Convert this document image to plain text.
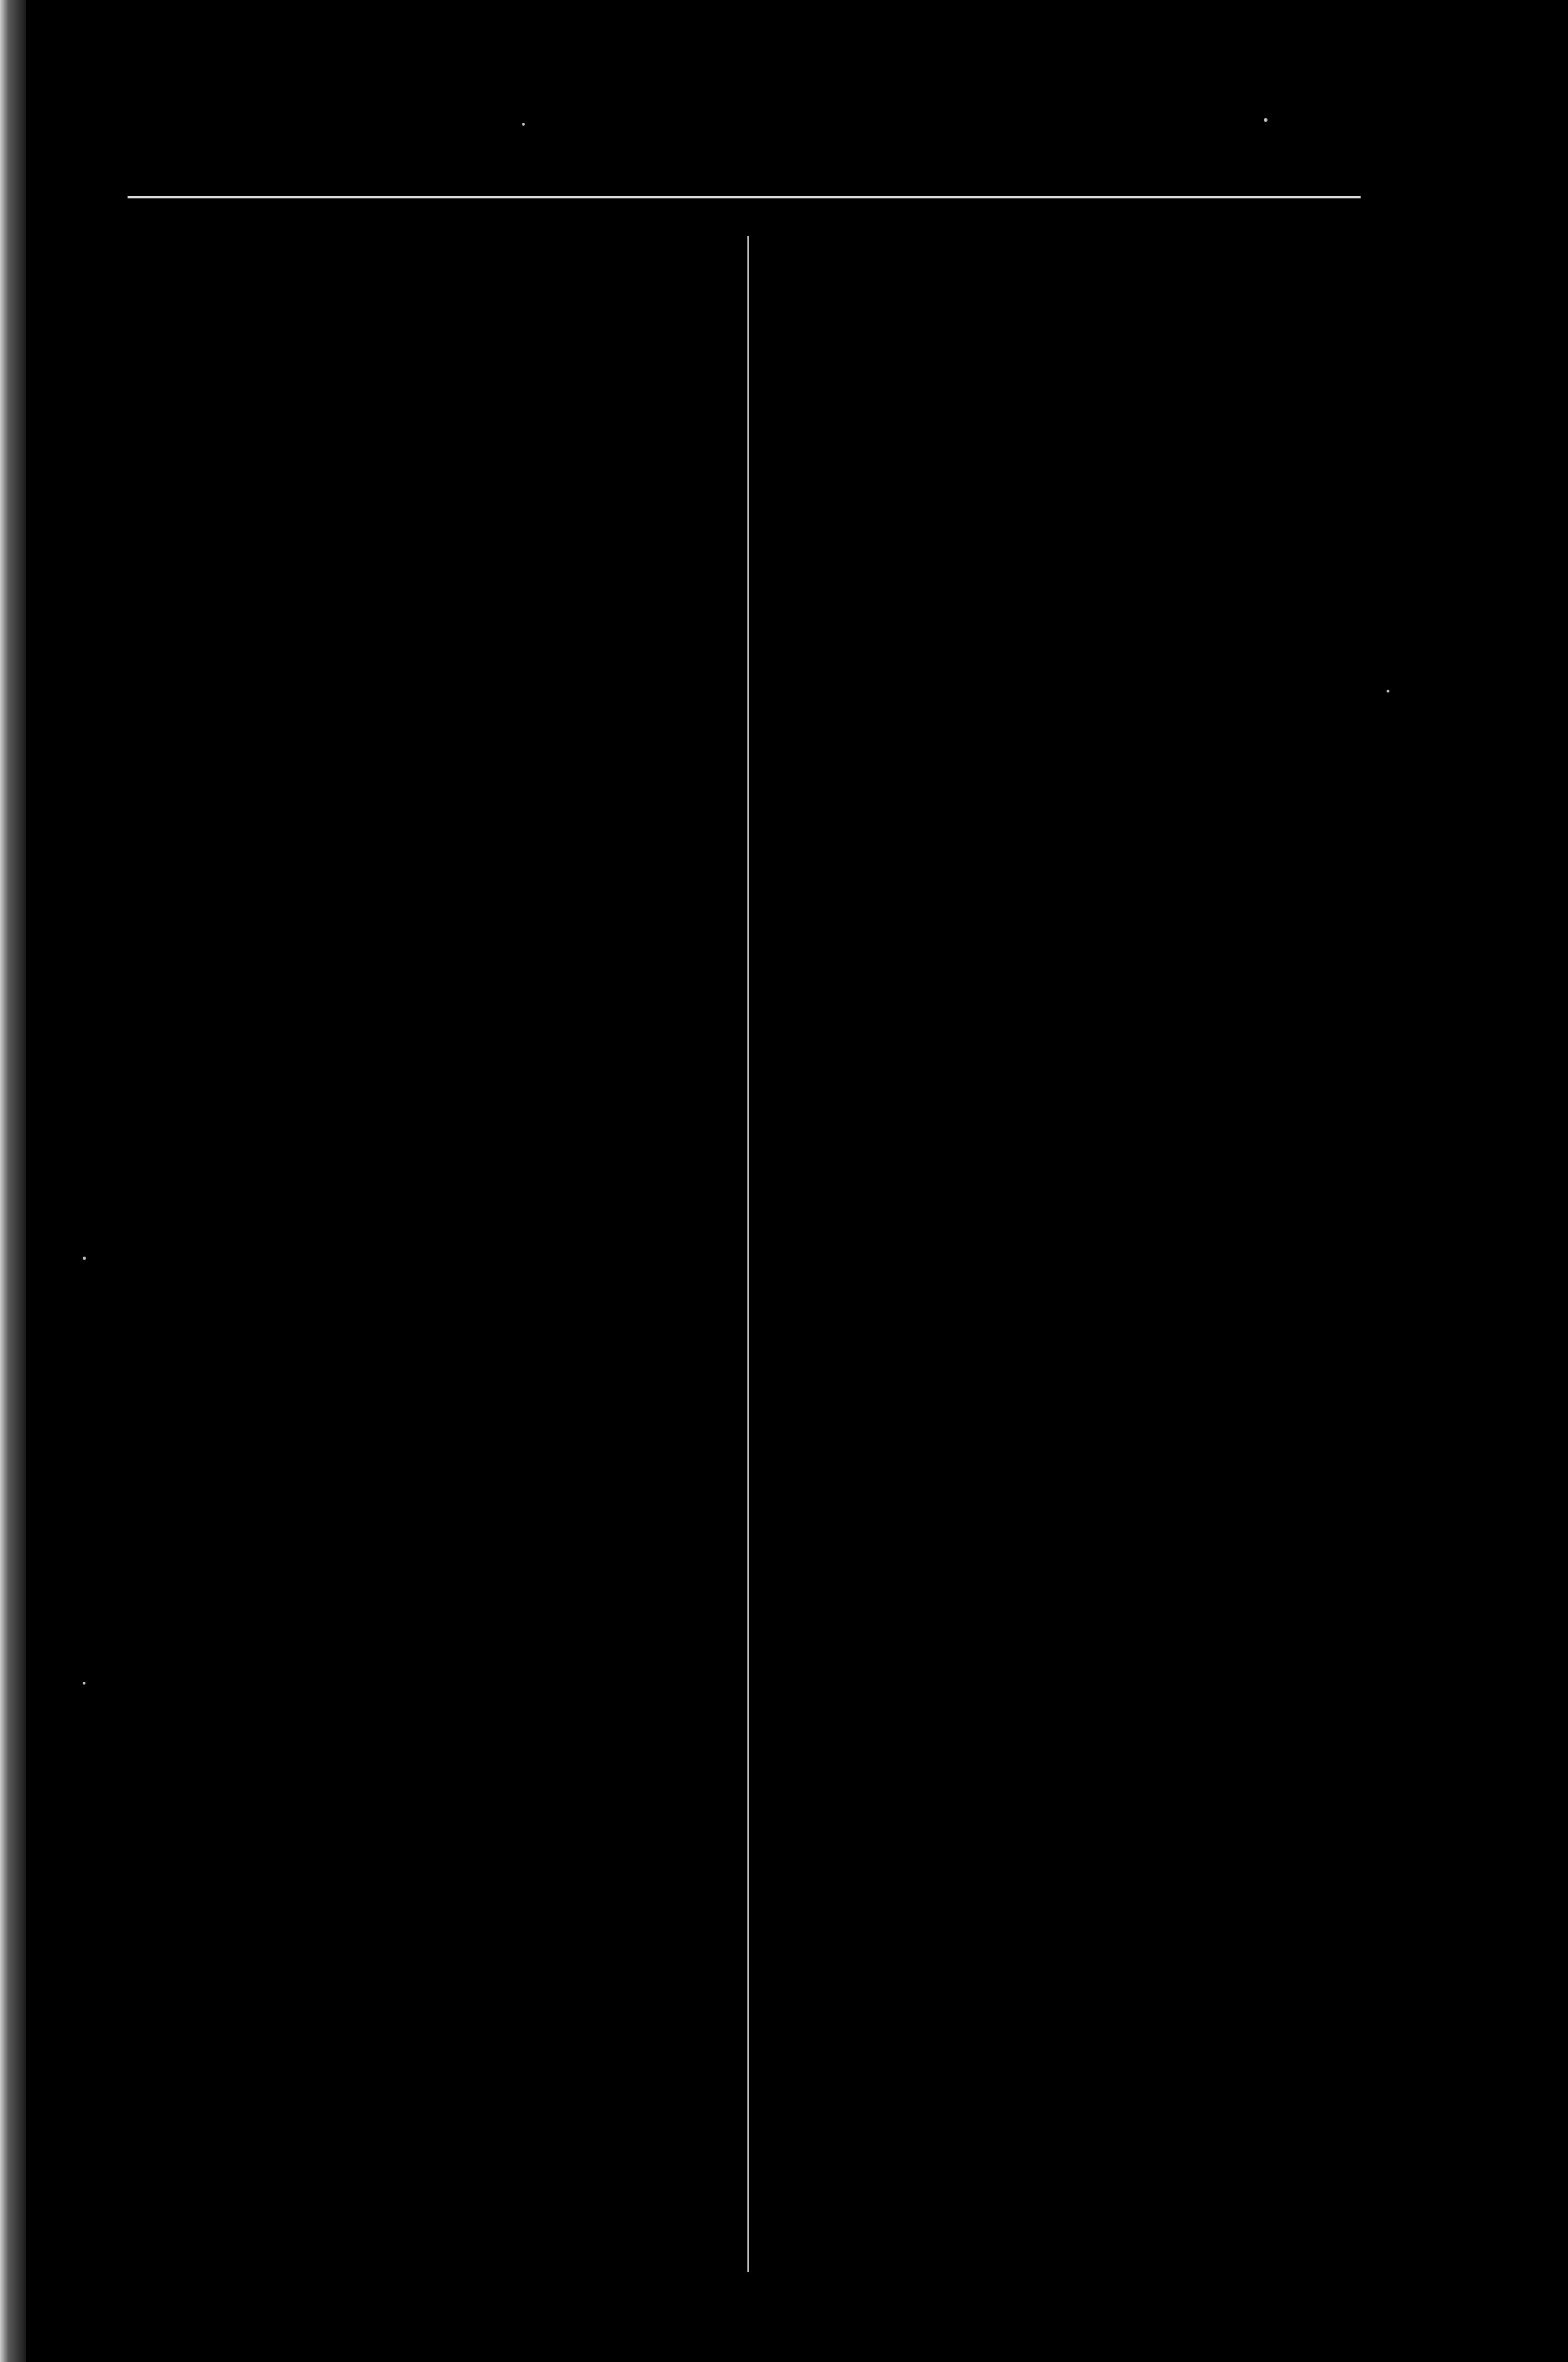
POŠTOVNÍ A TELEGRAFNÍ UŘADY.	141
Erhartová Marie, II. Marianská ul. 24.
Hammerová Marie, II. Hálkova ul. 2.
Haschková Kateřina, II. Marianská ul 14.
Hodková Jana, Krl. Královská tř. 5o.
Kaletzkých Elisa, Krl. Palackého tř. 16.
Kobingrová Marie, Vnhr. Koubkova ul. 4.
Kohlbaurová Betty, Vnhr. Vávrova ul. 16
Kotková Amalie, II. u Půjčovny 4.
Miškowská Antonie, II. Hálkova tř. 3o.
Pavlisová Otilie, II. Ostrovní ul. 4.
Pelikánová Marie, II. Ječná ul. 3o.
Pelikánová Pavla, II Hálkova ul. 2
Petáková Antonie, Sm. Barrandova ul. 8.
Rösslerová Anna, III. Malostranské ná-
městí 3o
Rungeová Frant., Vnhr. Hálkova tř. 1.
Schuhová Albina, Vnhr. Balbínova ul. 15.
Schulzová Marie, Krl. Královská tř. 42.
Schulzová Růžena, Krl. Královská tř. 42.
Sládková Anna, Sm. Ostrovní ul. 12.
Spinková Anna, Vnhr. Vocelova ul. 5.
Staudingerová Marie, Vnhr. Brandlova
ul. 4.
Stöhrová Marie, II. Marianská ul 24.
Stolzová Karolina, I. Husova tř. 14.
Straschpitlová Marie. II Žitná ul. 37.
Svobodová Justina, Vnhr. Tylovo nám. 28
Waltherová Frant., Vnhr. Hálkova tř. 8.
Waňková Frant., III. na Kampě 10.
Zelnitzková Frant, II. Senovážné nám. 3.
Poštovní výpravčí:
Třesnák Frant.,Vnhr. Hálkova tř. 14.
Úřad pro podávání zásilek pošty listovní.
Poštovní officiál:
Janata Frant., Vrš. Horymírova ul. 135.
Poštovní assistent:
Seidl Alois, Vnhr. Karlova ul. 25.
Poštovní manipulantky:
v. Moltke Terezie, Vnhr. Palackého tř. 10.
Mrázová Anna, VII. Ovenecká ul. 519.
Svobodová Juliana, Vnhr. Tylovo nám. 28
Waňková Marie, III. Lázeňská ul. 6.
Úřad pro dodávání zásilek pošty listovní.
Poštovní kontroloři:
Lang Matěj, II. ve Smečkách 12.
Blažej Josef, Vnhr. Vocelova ul. 8
Miřiovský Jaromír, II. Olivova ul. 5.
Tykal Ludvík, II. Senovážné nám. 8.
Walter Rudolf, Vnhr. Šafaříkova ul. 17.
Poštovní officiálové:
Bárta Václav, Vnhr. Vávrova ul. 28
Skalický Frant., Vnhr. Šafaříkova ul. 17.
Sedmík Eduard, Vnhr. Máchova ul. 21.
Poštovní assistenti:
Bareš Ant., Vnhr. Havlíčkova ul. 37.
Chládek Alois Vojtěch, Vnhr. Klicperova
ul. 5.
Henčl Emanuel, Krl. Palackého tř. 63.
Kaliwoda Karel, II. Školská ul. 10.
Štikar Jakub, II. Štěpánská ul. 24.
Vážný Vojtěch, Žk. Miličova ul. 3o2.
Webersik Bohumil, III. Újezd 29.
Wolmann Václav, Žk. Husova tř. 109.
Poštovní praktikanti:
Hemzal Vincenc, II. Žitná ul. 8.
Pavlík Jan, II. ve Smečkách 3.
Smidburg Rudolf, svob. pán, Vnhr. Ru-
bešova ul 6.
Poštovní manipulantky:
Baurová Albertina, II. Václavské nám. 42.
Benešová Marie, Vnhr. Vávrova tř. 6.
Krameriusová Jana, II. Reznická ul. 12.
Metlitzká Antonie, Vnhr. Havlíčkova tř. 3o.
v. Sterndahl Vilémina, II. Hopfenštokova
ul. 10.
Poštovní výpravčí:
Braun Václav, II. ve Smečkách 15.
Fischer Hynek, Žk. Cimburkova ul. 282.
Kosák Karel, Žk. Poděbradova tř. 427.
Zicha Vincenc, II. Štěpánská ul. 31.
Špediční úřad pošty listovní.
Vrchní kontrolor:
Wepřek Frant., Vnhr. Klicperova ul. 36.
Kontroloři:
Dvořák Hynek, Vnhr. Havlíčkova ul. 45o.
Gärtner Hynek, Vnhr. Klicperova ul. 9.
Horáček Libor, II. Příčná ul. 3.
Kainz Karel, Krl. Jungmannovo nám. 4.
List Karel, II. na Struze 4.
Pöll Josef, Krl. Havlíčkova ul. 3.
Officiálové:
Beneš Antonín, Sm. Karlova ul. 3.
Eisenstein Ferdinand, III. Ostruhová ul. 40.
Fischer Josef, Žk. Karlova ul. 455.
Fischer Jan, Vnhr. Puchmajerova ul. 25.
Gross Josef, Žk. Chlumova ul. 515.
Gröschl Antonín, Vnhr. Hálkova tř. 45.
Jung Konrad, Vnhr. Havlíčkova ul. 1.
Ledvinka Matěj, II. Řeznická ul. 3.
Müller Josef, Vnhr. Tylovo nám. 12.
Novotný Jan, Vnhr. Vocelova ul. 7.
Tonder Josef, Vnhr. Klicperova ul. 5.
Assistenti:
Böhm Augustin, Vnhr. Jungmannova ul. 2.
Blažek Josef, Vnhr. Čelakovského ul. 15.
